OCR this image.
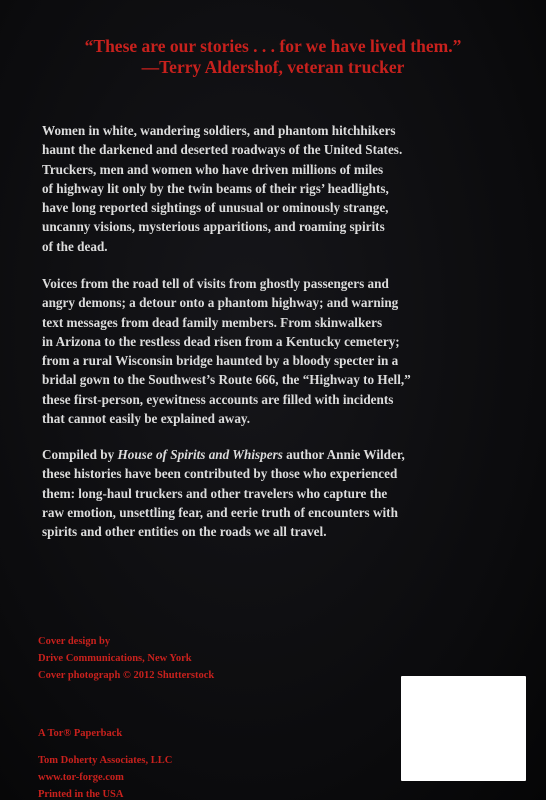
“These are our stories . . . for we have lived them.”
—Terry Aldershof, veteran trucker
Women in white, wandering soldiers, and phantom hitchhikers
haunt the darkened and deserted roadways of the United States.
Truckers, men and women who have driven millions of miles
of highway lit only by the twin beams of their rigs’ headlights,
have long reported sightings of unusual or ominously strange,
uncanny visions, mysterious apparitions, and roaming spirits
of the dead.
Voices from the road tell of visits from ghostly passengers and
angry demons; a detour onto a phantom highway; and warning
text messages from dead family members. From skinwalkers
in Arizona to the restless dead risen from a Kentucky cemetery;
from a rural Wisconsin bridge haunted by a bloody specter in a
bridal gown to the Southwest’s Route 666, the “Highway to Hell,”
these first-person, eyewitness accounts are filled with incidents
that cannot easily be explained away.
Compiled by House of Spirits and Whispers author Annie Wilder,
these histories have been contributed by those who experienced
them: long-haul truckers and other travelers who capture the
raw emotion, unsettling fear, and eerie truth of encounters with
spirits and other entities on the roads we all travel.
Cover design by
Drive Communications, New York
Cover photograph © 2012 Shutterstock
A Tor® Paperback
Tom Doherty Associates, LLC
www.tor-forge.com
Printed in the USA
